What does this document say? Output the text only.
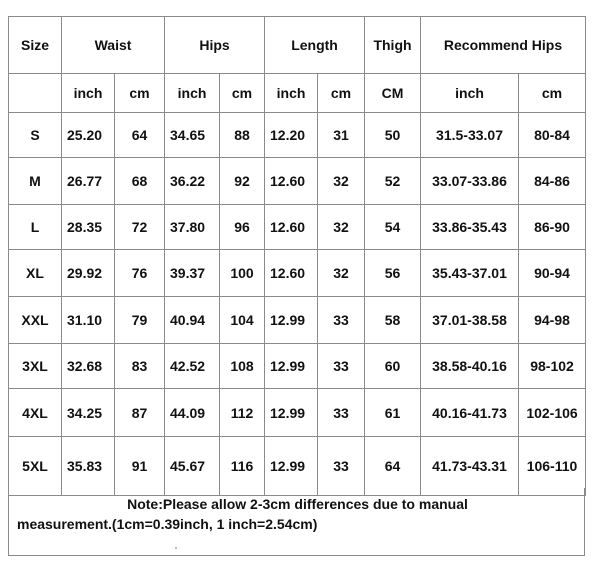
Size	Waist		Hips		Length		Thigh	Recommend Hips	
	inch	cm	inch	cm	inch	cm	CM	inch	cm
S	25.20	64	34.65	88	12.20	31	50	31.5-33.07	80-84
M	26.77	68	36.22	92	12.60	32	52	33.07-33.86	84-86
L	28.35	72	37.80	96	12.60	32	54	33.86-35.43	86-90
XL	29.92	76	39.37	100	12.60	32	56	35.43-37.01	90-94
XXL	31.10	79	40.94	104	12.99	33	58	37.01-38.58	94-98
3XL	32.68	83	42.52	108	12.99	33	60	38.58-40.16	98-102
4XL	34.25	87	44.09	112	12.99	33	61	40.16-41.73	102-106
5XL	35.83	91	45.67	116	12.99	33	64	41.73-43.31	106-110
Note:Please allow 2-3cm differences due to manual
measurement.(1cm=0.39inch, 1 inch=2.54cm)
